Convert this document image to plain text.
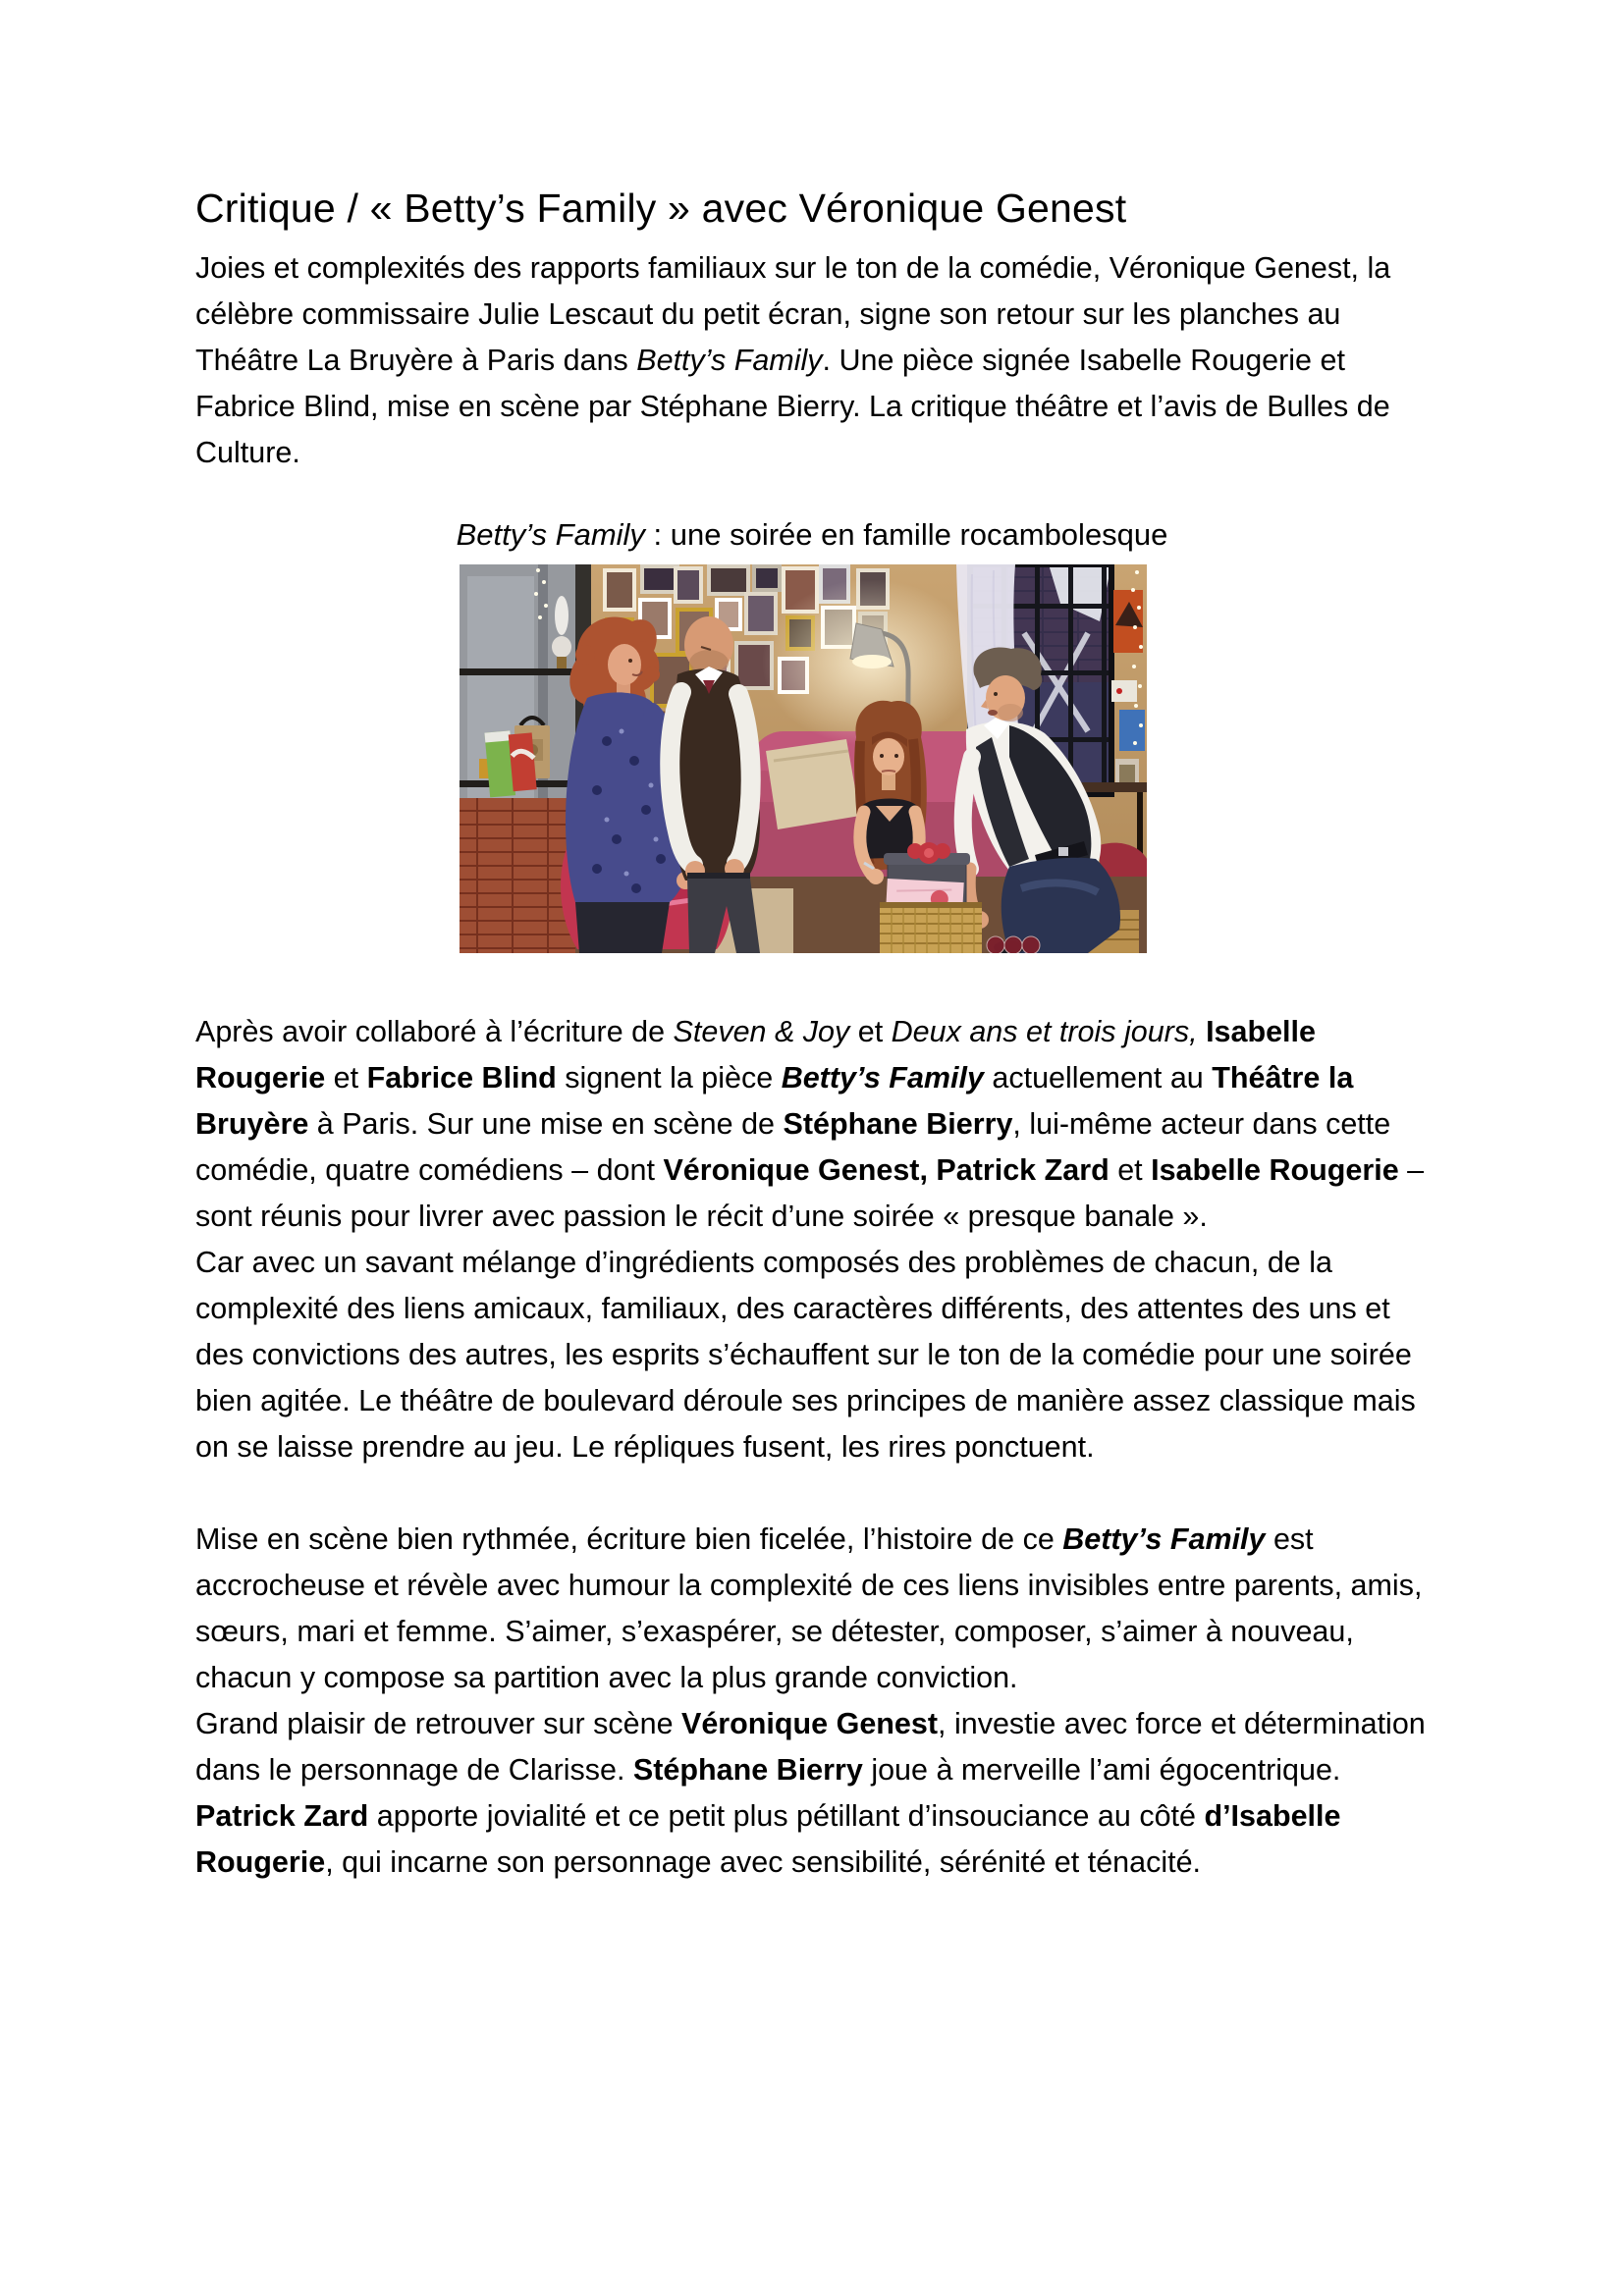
Critique / « Betty’s Family » avec Véronique Genest

Joies et complexités des rapports familiaux sur le ton de la comédie, Véronique Genest, la célèbre commissaire Julie Lescaut du petit écran, signe son retour sur les planches au Théâtre La Bruyère à Paris dans Betty’s Family. Une pièce signée Isabelle Rougerie et Fabrice Blind, mise en scène par Stéphane Bierry. La critique théâtre et l’avis de Bulles de Culture.

Betty’s Family : une soirée en famille rocambolesque

Après avoir collaboré à l’écriture de Steven & Joy et Deux ans et trois jours, Isabelle Rougerie et Fabrice Blind signent la pièce Betty’s Family actuellement au Théâtre la Bruyère à Paris. Sur une mise en scène de Stéphane Bierry, lui-même acteur dans cette comédie, quatre comédiens – dont Véronique Genest, Patrick Zard et Isabelle Rougerie – sont réunis pour livrer avec passion le récit d’une soirée « presque banale ».

Car avec un savant mélange d’ingrédients composés des problèmes de chacun, de la complexité des liens amicaux, familiaux, des caractères différents, des attentes des uns et des convictions des autres, les esprits s’échauffent sur le ton de la comédie pour une soirée bien agitée. Le théâtre de boulevard déroule ses principes de manière assez classique mais on se laisse prendre au jeu. Le répliques fusent, les rires ponctuent.

Mise en scène bien rythmée, écriture bien ficelée, l’histoire de ce Betty’s Family est accrocheuse et révèle avec humour la complexité de ces liens invisibles entre parents, amis, sœurs, mari et femme. S’aimer, s’exaspérer, se détester, composer, s’aimer à nouveau, chacun y compose sa partition avec la plus grande conviction.

Grand plaisir de retrouver sur scène Véronique Genest, investie avec force et détermination dans le personnage de Clarisse. Stéphane Bierry joue à merveille l’ami égocentrique. Patrick Zard apporte jovialité et ce petit plus pétillant d’insouciance au côté d’Isabelle Rougerie, qui incarne son personnage avec sensibilité, sérénité et ténacité.
